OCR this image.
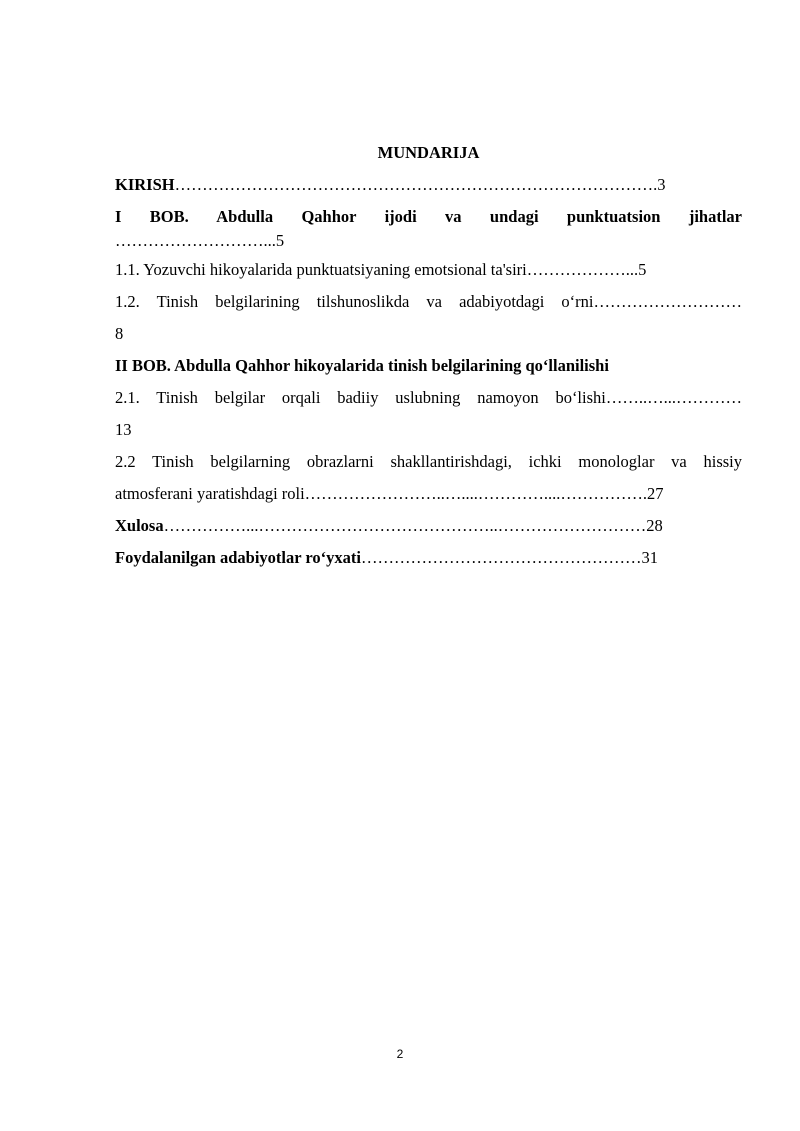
MUNDARIJA
KIRISH…………………………………………………………………………….3
I BOB. Abdulla Qahhor ijodi va undagi punktuatsion jihatlar
………………………...5
1.1. Yozuvchi hikoyalarida punktuatsiyaning emotsional ta'siri………………...5
1.2. Tinish belgilarining tilshunoslikda va adabiyotdagi o‘rni………………………
8
II BOB. Abdulla Qahhor hikoyalarida tinish belgilarining qo‘llanilishi
2.1. Tinish belgilar orqali badiiy uslubning namoyon bo‘lishi……..…...…………
13
2.2 Tinish belgilarning obrazlarni shakllantirishdagi, ichki monologlar va hissiy
atmosferani yaratishdagi roli……………………..…....…………....…………….27
Xulosa……………...……………………………………..………………………28
Foydalanilgan adabiyotlar ro‘yxati……………………………………………31
2
